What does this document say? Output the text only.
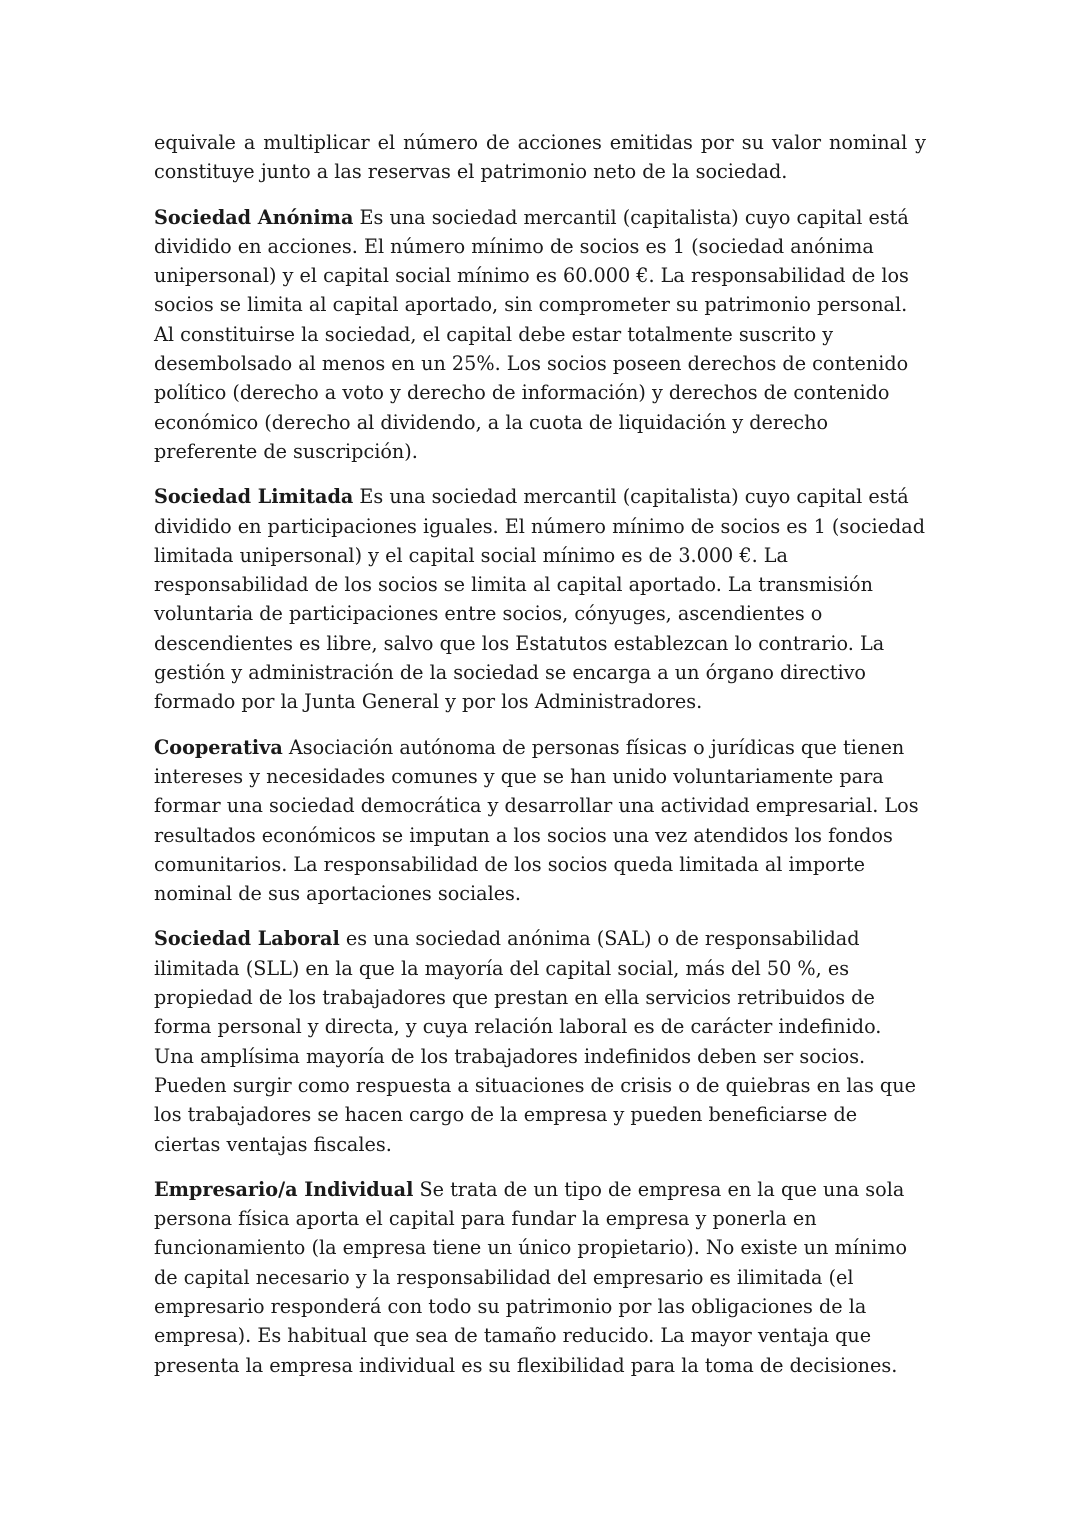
equivale a multiplicar el número de acciones emitidas por su valor nominal y constituye junto a las reservas el patrimonio neto de la sociedad.

Sociedad Anónima Es una sociedad mercantil (capitalista) cuyo capital está dividido en acciones. El número mínimo de socios es 1 (sociedad anónima unipersonal) y el capital social mínimo es 60.000 €. La responsabilidad de los socios se limita al capital aportado, sin comprometer su patrimonio personal. Al constituirse la sociedad, el capital debe estar totalmente suscrito y desembolsado al menos en un 25%. Los socios poseen derechos de contenido político (derecho a voto y derecho de información) y derechos de contenido económico (derecho al dividendo, a la cuota de liquidación y derecho preferente de suscripción).

Sociedad Limitada Es una sociedad mercantil (capitalista) cuyo capital está dividido en participaciones iguales. El número mínimo de socios es 1 (sociedad limitada unipersonal) y el capital social mínimo es de 3.000 €. La responsabilidad de los socios se limita al capital aportado. La transmisión voluntaria de participaciones entre socios, cónyuges, ascendientes o descendientes es libre, salvo que los Estatutos establezcan lo contrario. La gestión y administración de la sociedad se encarga a un órgano directivo formado por la Junta General y por los Administradores.

Cooperativa Asociación autónoma de personas físicas o jurídicas que tienen intereses y necesidades comunes y que se han unido voluntariamente para formar una sociedad democrática y desarrollar una actividad empresarial. Los resultados económicos se imputan a los socios una vez atendidos los fondos comunitarios. La responsabilidad de los socios queda limitada al importe nominal de sus aportaciones sociales.

Sociedad Laboral es una sociedad anónima (SAL) o de responsabilidad ilimitada (SLL) en la que la mayoría del capital social, más del 50 %, es propiedad de los trabajadores que prestan en ella servicios retribuidos de forma personal y directa, y cuya relación laboral es de carácter indefinido. Una amplísima mayoría de los trabajadores indefinidos deben ser socios. Pueden surgir como respuesta a situaciones de crisis o de quiebras en las que los trabajadores se hacen cargo de la empresa y pueden beneficiarse de ciertas ventajas fiscales.

Empresario/a Individual Se trata de un tipo de empresa en la que una sola persona física aporta el capital para fundar la empresa y ponerla en funcionamiento (la empresa tiene un único propietario). No existe un mínimo de capital necesario y la responsabilidad del empresario es ilimitada (el empresario responderá con todo su patrimonio por las obligaciones de la empresa). Es habitual que sea de tamaño reducido. La mayor ventaja que presenta la empresa individual es su flexibilidad para la toma de decisiones.
